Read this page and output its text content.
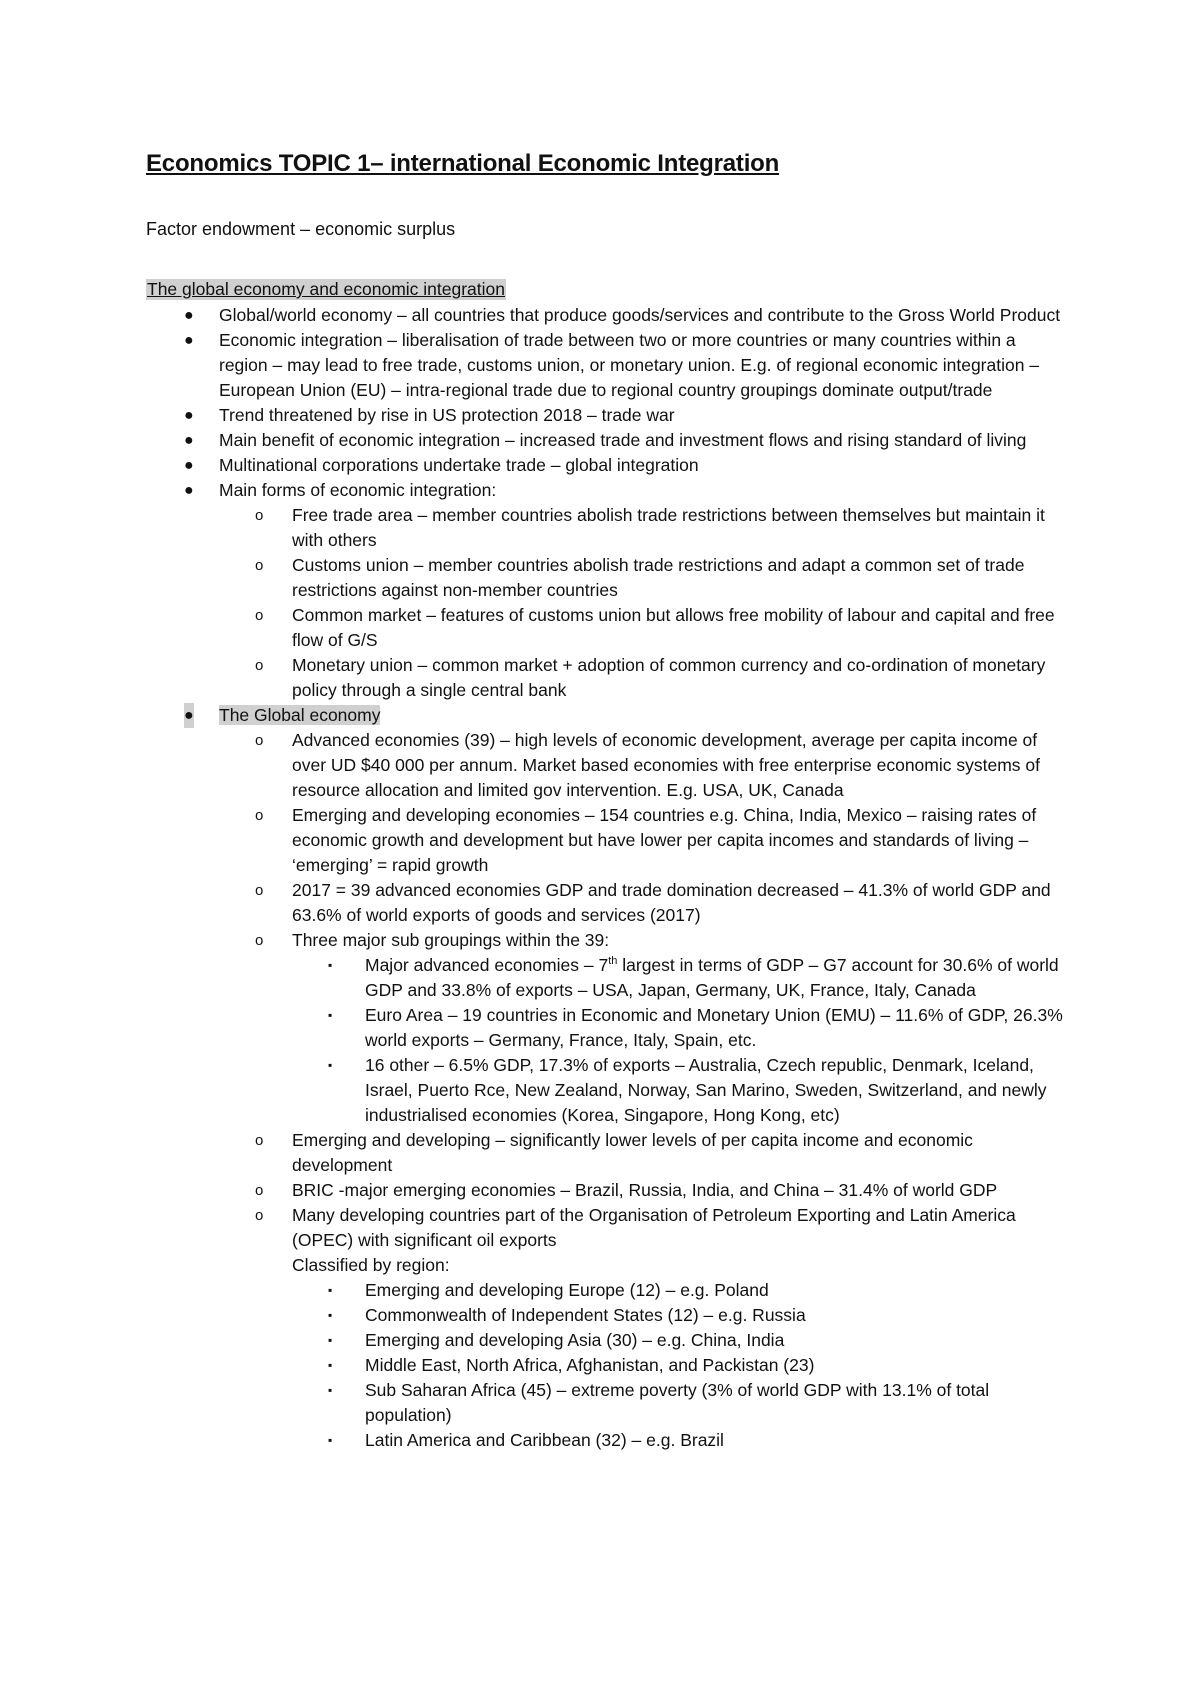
Economics TOPIC 1– international Economic Integration

Factor endowment – economic surplus

The global economy and economic integration

● Global/world economy – all countries that produce goods/services and contribute to the Gross World Product
● Economic integration – liberalisation of trade between two or more countries or many countries within a region – may lead to free trade, customs union, or monetary union. E.g. of regional economic integration – European Union (EU) – intra-regional trade due to regional country groupings dominate output/trade
● Trend threatened by rise in US protection 2018 – trade war
● Main benefit of economic integration – increased trade and investment flows and rising standard of living
● Multinational corporations undertake trade – global integration
● Main forms of economic integration:
o Free trade area – member countries abolish trade restrictions between themselves but maintain it with others
o Customs union – member countries abolish trade restrictions and adapt a common set of trade restrictions against non-member countries
o Common market – features of customs union but allows free mobility of labour and capital and free flow of G/S
o Monetary union – common market + adoption of common currency and co-ordination of monetary policy through a single central bank
● The Global economy
o Advanced economies (39) – high levels of economic development, average per capita income of over UD $40 000 per annum. Market based economies with free enterprise economic systems of resource allocation and limited gov intervention. E.g. USA, UK, Canada
o Emerging and developing economies – 154 countries e.g. China, India, Mexico – raising rates of economic growth and development but have lower per capita incomes and standards of living – ‘emerging’ = rapid growth
o 2017 = 39 advanced economies GDP and trade domination decreased – 41.3% of world GDP and 63.6% of world exports of goods and services (2017)
o Three major sub groupings within the 39:
▪ Major advanced economies – 7th largest in terms of GDP – G7 account for 30.6% of world GDP and 33.8% of exports – USA, Japan, Germany, UK, France, Italy, Canada
▪ Euro Area – 19 countries in Economic and Monetary Union (EMU) – 11.6% of GDP, 26.3% world exports – Germany, France, Italy, Spain, etc.
▪ 16 other – 6.5% GDP, 17.3% of exports – Australia, Czech republic, Denmark, Iceland, Israel, Puerto Rce, New Zealand, Norway, San Marino, Sweden, Switzerland, and newly industrialised economies (Korea, Singapore, Hong Kong, etc)
o Emerging and developing – significantly lower levels of per capita income and economic development
o BRIC -major emerging economies – Brazil, Russia, India, and China – 31.4% of world GDP
o Many developing countries part of the Organisation of Petroleum Exporting and Latin America (OPEC) with significant oil exports
Classified by region:
▪ Emerging and developing Europe (12) – e.g. Poland
▪ Commonwealth of Independent States (12) – e.g. Russia
▪ Emerging and developing Asia (30) – e.g. China, India
▪ Middle East, North Africa, Afghanistan, and Packistan (23)
▪ Sub Saharan Africa (45) – extreme poverty (3% of world GDP with 13.1% of total population)
▪ Latin America and Caribbean (32) – e.g. Brazil
